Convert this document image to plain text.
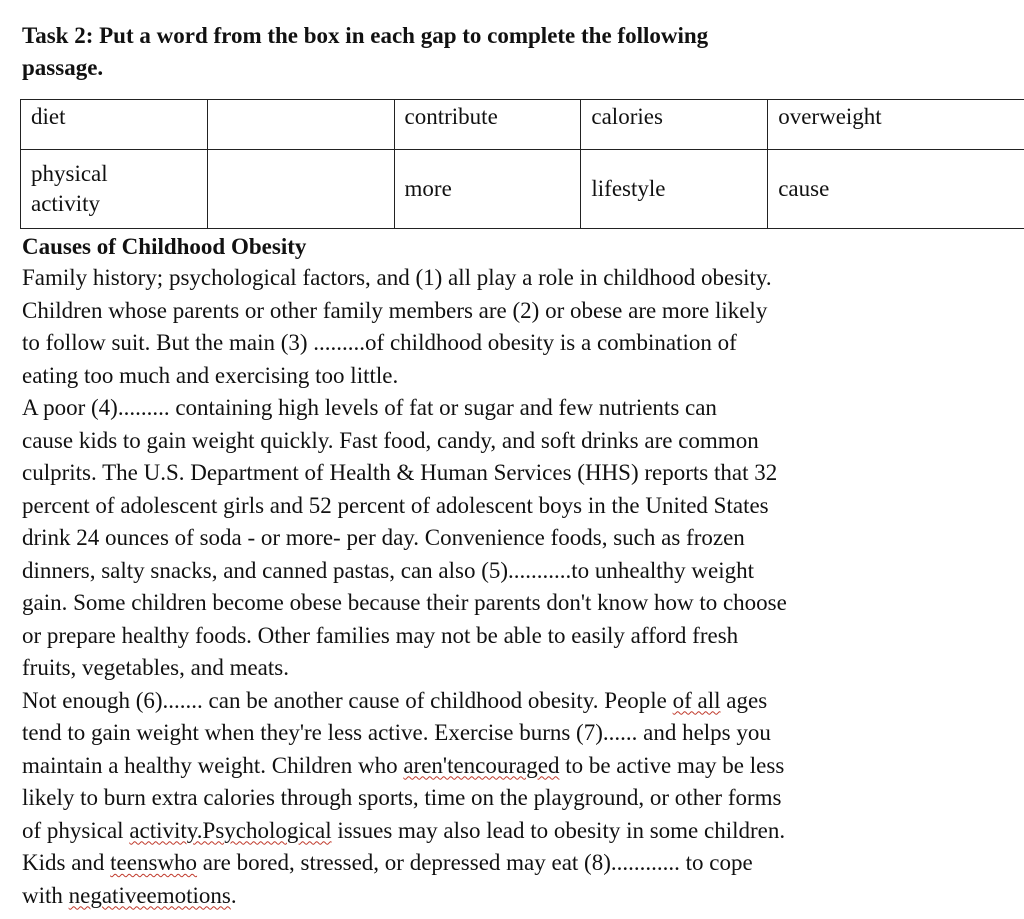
Task 2: Put a word from the box in each gap to complete the following
passage.
diet		contribute	calories	overweight

physical
activity		more	lifestyle	cause
Causes of Childhood Obesity
Family history; psychological factors, and (1) all play a role in childhood obesity.
Children whose parents or other family members are (2) or obese are more likely
to follow suit. But the main (3) .........of childhood obesity is a combination of
eating too much and exercising too little.
A poor (4)......... containing high levels of fat or sugar and few nutrients can
cause kids to gain weight quickly. Fast food, candy, and soft drinks are common
culprits. The U.S. Department of Health & Human Services (HHS) reports that 32
percent of adolescent girls and 52 percent of adolescent boys in the United States
drink 24 ounces of soda - or more- per day. Convenience foods, such as frozen
dinners, salty snacks, and canned pastas, can also (5)...........to unhealthy weight
gain. Some children become obese because their parents don't know how to choose
or prepare healthy foods. Other families may not be able to easily afford fresh
fruits, vegetables, and meats.
Not enough (6)....... can be another cause of childhood obesity. People of all ages
tend to gain weight when they're less active. Exercise burns (7)...... and helps you
maintain a healthy weight. Children who aren'tencouraged to be active may be less
likely to burn extra calories through sports, time on the playground, or other forms
of physical activity.Psychological issues may also lead to obesity in some children.
Kids and teenswho are bored, stressed, or depressed may eat (8)............ to cope
with negativeemotions.
